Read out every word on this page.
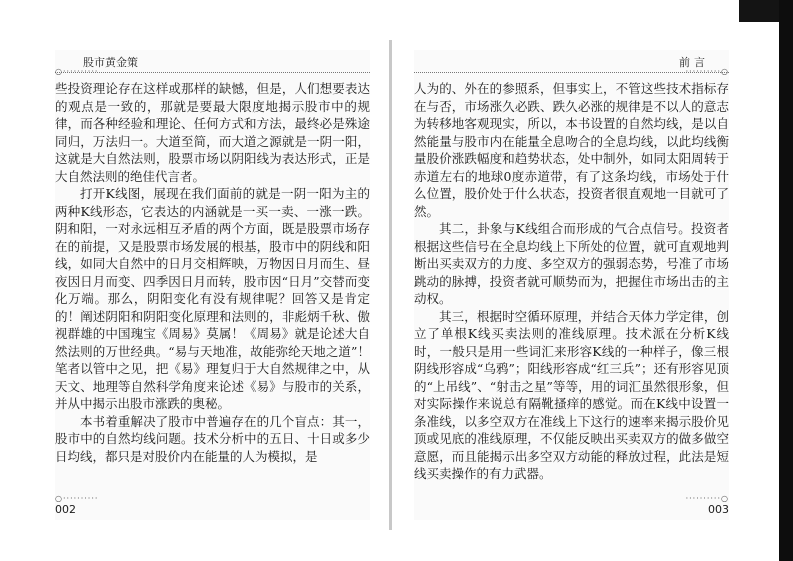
股市黄金策
○··········

些投资理论存在这样或那样的缺憾，但是，人们想要表达的观点是一致的，那就是要最大限度地揭示股市中的规律，而各种经验和理论、任何方式和方法，最终必是殊途同归，万法归一。大道至简，而大道之源就是一阴一阳，这就是大自然法则，股票市场以阴阳线为表达形式，正是大自然法则的绝佳代言者。

打开K线图，展现在我们面前的就是一阴一阳为主的两种K线形态，它表达的内涵就是一买一卖、一涨一跌。阴和阳，一对永远相互矛盾的两个方面，既是股票市场存在的前提，又是股票市场发展的根基，股市中的阴线和阳线，如同大自然中的日月交相辉映，万物因日月而生、昼夜因日月而变、四季因日月而转，股市因“日月”交替而变化万端。那么，阴阳变化有没有规律呢？回答又是肯定的！阐述阴阳和阴阳变化原理和法则的，非彪炳千秋、傲视群雄的中国瑰宝《周易》莫属！《周易》就是论述大自然法则的万世经典。“易与天地准，故能弥纶天地之道”！笔者以管中之见，把《易》理复归于大自然规律之中，从天文、地理等自然科学角度来论述《易》与股市的关系，并从中揭示出股市涨跌的奥秘。

本书着重解决了股市中普遍存在的几个盲点：其一，股市中的自然均线问题。技术分析中的五日、十日或多少日均线，都只是对股价内在能量的人为模拟，是

○··········
002
前言
··········○

人为的、外在的参照系，但事实上，不管这些技术指标存在与否，市场涨久必跌、跌久必涨的规律是不以人的意志为转移地客观现实，所以，本书设置的自然均线，是以自然能量与股市内在能量全息吻合的全息均线，以此均线衡量股价涨跌幅度和趋势状态，处中制外，如同太阳周转于赤道左右的地球0度赤道带，有了这条均线，市场处于什么位置，股价处于什么状态，投资者很直观地一目就可了然。

其二，卦象与K线组合而形成的气合点信号。投资者根据这些信号在全息均线上下所处的位置，就可直观地判断出买卖双方的力度、多空双方的强弱态势，号准了市场跳动的脉搏，投资者就可顺势而为，把握住市场出击的主动权。

其三，根据时空循环原理，并结合天体力学定律，创立了单根K线买卖法则的准线原理。技术派在分析K线时，一般只是用一些词汇来形容K线的一种样子，像三根阴线形容成“乌鸦”；阳线形容成“红三兵”；还有形容见顶的“上吊线”、“射击之星”等等，用的词汇虽然很形象，但对实际操作来说总有隔靴搔痒的感觉。而在K线中设置一条准线，以多空双方在准线上下这行的速率来揭示股价见顶或见底的准线原理，不仅能反映出买卖双方的做多做空意愿，而且能揭示出多空双方动能的释放过程，此法是短线买卖操作的有力武器。

··········○
003
